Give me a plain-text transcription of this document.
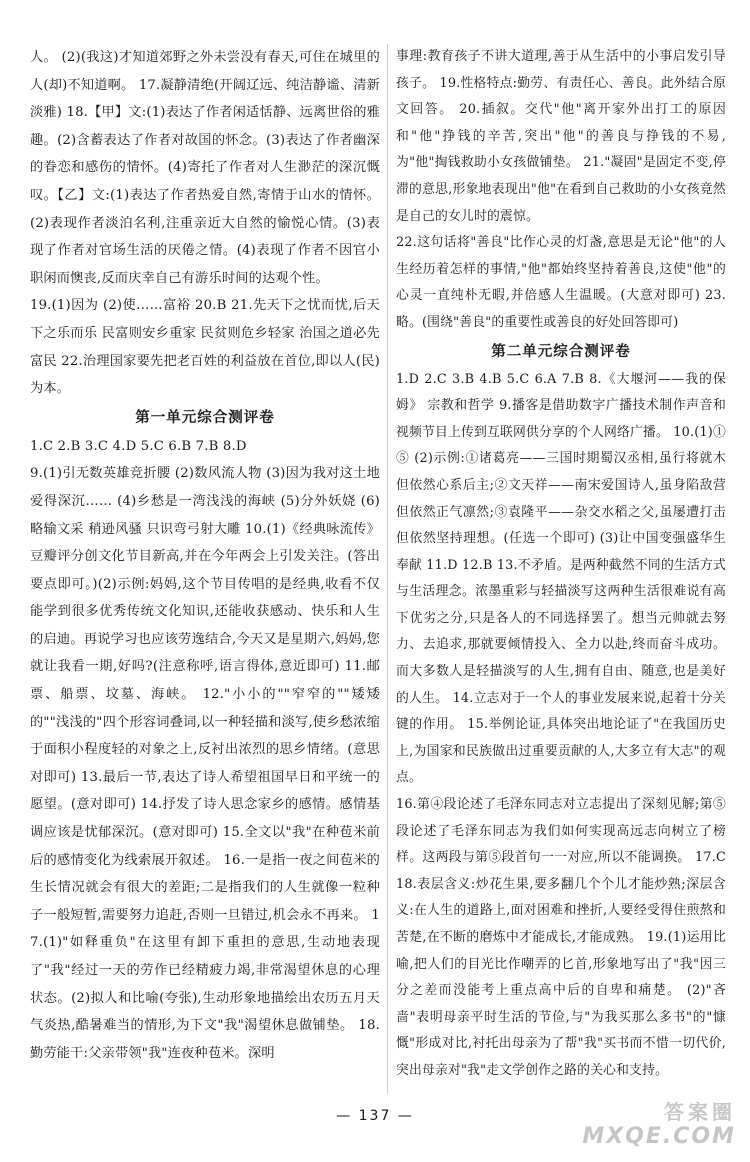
人。 (2)(我这)才知道郊野之外未尝没有春天,可住在城里的人(却)不知道啊。 17.凝静清绝(开阔辽远、纯洁静谧、清新淡雅) 18.【甲】文:(1)表达了作者闲适恬静、远离世俗的雅趣。(2)含蓄表达了作者对故国的怀念。(3)表达了作者幽深的眷恋和感伤的情怀。(4)寄托了作者对人生渺茫的深沉慨叹。【乙】文:(1)表达了作者热爱自然,寄情于山水的情怀。(2)表现作者淡泊名利,注重亲近大自然的愉悦心情。(3)表现了作者对官场生活的厌倦之情。(4)表现了作者不因官小职闲而懊丧,反而庆幸自己有游乐时间的达观个性。

19.(1)因为 (2)使……富裕 20.B 21.先天下之忧而忧,后天下之乐而乐 民富则安乡重家 民贫则危乡轻家 治国之道必先富民 22.治理国家要先把老百姓的利益放在首位,即以人(民)为本。

第一单元综合测评卷

1.C 2.B 3.C 4.D 5.C 6.B 7.B 8.D

9.(1)引无数英雄竞折腰 (2)数风流人物 (3)因为我对这土地爱得深沉…… (4)乡愁是一湾浅浅的海峡 (5)分外妖娆 (6)略输文采 稍逊风骚 只识弯弓射大雕 10.(1)《经典咏流传》豆瓣评分创文化节目新高,并在今年两会上引发关注。(答出要点即可。)(2)示例:妈妈,这个节目传唱的是经典,收看不仅能学到很多优秀传统文化知识,还能收获感动、快乐和人生的启迪。再说学习也应该劳逸结合,今天又是星期六,妈妈,您就让我看一期,好吗?(注意称呼,语言得体,意近即可) 11.邮票、船票、坟墓、海峡。 12."小小的""窄窄的""矮矮的""浅浅的"四个形容词叠词,以一种轻描和淡写,使乡愁浓缩于面积小程度轻的对象之上,反衬出浓烈的思乡情绪。(意思对即可) 13.最后一节,表达了诗人希望祖国早日和平统一的愿望。(意对即可) 14.抒发了诗人思念家乡的感情。感情基调应该是忧郁深沉。(意对即可) 15.全文以"我"在种苞米前后的感情变化为线索展开叙述。 16.一是指一夜之间苞米的生长情况就会有很大的差距;二是指我们的人生就像一粒种子一般短暂,需要努力追赶,否则一旦错过,机会永不再来。 17.(1)"如释重负"在这里有卸下重担的意思,生动地表现了"我"经过一天的劳作已经精疲力竭,非常渴望休息的心理状态。(2)拟人和比喻(夸张),生动形象地描绘出农历五月天气炎热,酷暑难当的情形,为下文"我"渴望休息做铺垫。 18.勤劳能干:父亲带领"我"连夜种苞米。深明

事理:教育孩子不讲大道理,善于从生活中的小事启发引导孩子。 19.性格特点:勤劳、有责任心、善良。此外结合原文回答。 20.插叙。交代"他"离开家外出打工的原因和"他"挣钱的辛苦,突出"他"的善良与挣钱的不易,为"他"掏钱救助小女孩做铺垫。 21."凝固"是固定不变,停滞的意思,形象地表现出"他"在看到自己救助的小女孩竟然是自己的女儿时的震惊。

22.这句话将"善良"比作心灵的灯盏,意思是无论"他"的人生经历着怎样的事情,"他"都始终坚持着善良,这使"他"的心灵一直纯朴无暇,并倍感人生温暖。(大意对即可) 23.略。(围绕"善良"的重要性或善良的好处回答即可)

第二单元综合测评卷

1.D 2.C 3.B 4.B 5.C 6.A 7.B 8.《大堰河——我的保姆》 宗教和哲学 9.播客是借助数字广播技术制作声音和视频节目上传到互联网供分享的个人网络广播。 10.(1)①⑤ (2)示例:①诸葛亮——三国时期蜀汉丞相,虽行将就木但依然心系后主;②文天祥——南宋爱国诗人,虽身陷敌营但依然正气凛然;③袁隆平——杂交水稻之父,虽屡遭打击但依然坚持理想。(任选一个即可) (3)让中国变强盛华生奉献 11.D 12.B 13.不矛盾。是两种截然不同的生活方式与生活理念。浓墨重彩与轻描淡写这两种生活很难说有高下优劣之分,只是各人的不同选择罢了。想当元帅就去努力、去追求,那就要倾情投入、全力以赴,终而奋斗成功。而大多数人是轻描淡写的人生,拥有自由、随意,也是美好的人生。 14.立志对于一个人的事业发展来说,起着十分关键的作用。 15.举例论证,具体突出地论证了"在我国历史上,为国家和民族做出过重要贡献的人,大多立有大志"的观点。

16.第④段论述了毛泽东同志对立志提出了深刻见解;第⑤段论述了毛泽东同志为我们如何实现高远志向树立了榜样。这两段与第⑤段首句一一对应,所以不能调换。 17.C 18.表层含义:炒花生果,要多翻几个个儿才能炒熟;深层含义:在人生的道路上,面对困难和挫折,人要经受得住煎熬和苦楚,在不断的磨炼中才能成长,才能成熟。 19.(1)运用比喻,把人们的目光比作嘲弄的匕首,形象地写出了"我"因三分之差而没能考上重点高中后的自卑和痛楚。 (2)"吝啬"表明母亲平时生活的节俭,与"为我买那么多书"的"慷慨"形成对比,衬托出母亲为了帮"我"买书而不惜一切代价,突出母亲对"我"走文学创作之路的关心和支持。

— 137 —	答案圈
MXQE.COM
